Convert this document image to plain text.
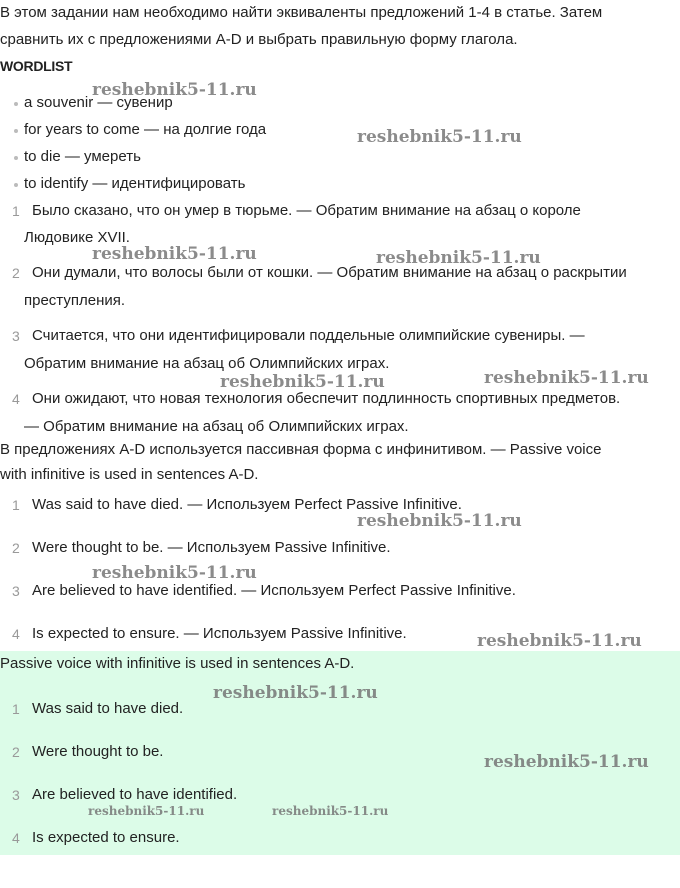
В этом задании нам необходимо найти эквиваленты предложений 1-4 в статье. Затем
сравнить их с предложениями A-D и выбрать правильную форму глагола.
WORDLIST
a souvenir — сувенир
for years to come — на долгие года
to die — умереть
to identify — идентифицировать
1 Было сказано, что он умер в тюрьме. — Обратим внимание на абзац о короле
Людовике XVII.
2 Они думали, что волосы были от кошки. — Обратим внимание на абзац о раскрытии
преступления.
3 Считается, что они идентифицировали поддельные олимпийские сувениры. —
Обратим внимание на абзац об Олимпийских играх.
4 Они ожидают, что новая технология обеспечит подлинность спортивных предметов.
— Обратим внимание на абзац об Олимпийских играх.
В предложениях A-D используется пассивная форма с инфинитивом. — Passive voice
with infinitive is used in sentences A-D.
1 Was said to have died. — Используем Perfect Passive Infinitive.
2 Were thought to be. — Используем Passive Infinitive.
3 Are believed to have identified. — Используем Perfect Passive Infinitive.
4 Is expected to ensure. — Используем Passive Infinitive.
Passive voice with infinitive is used in sentences A-D.
1 Was said to have died.
2 Were thought to be.
3 Are believed to have identified.
4 Is expected to ensure.
reshebnik5-11.ru
reshebnik5-11.ru
reshebnik5-11.ru	reshebnik5-11.ru
reshebnik5-11.ru	reshebnik5-11.ru
reshebnik5-11.ru
reshebnik5-11.ru
reshebnik5-11.ru
reshebnik5-11.ru
reshebnik5-11.ru
reshebnik5-11.ru	reshebnik5-11.ru
